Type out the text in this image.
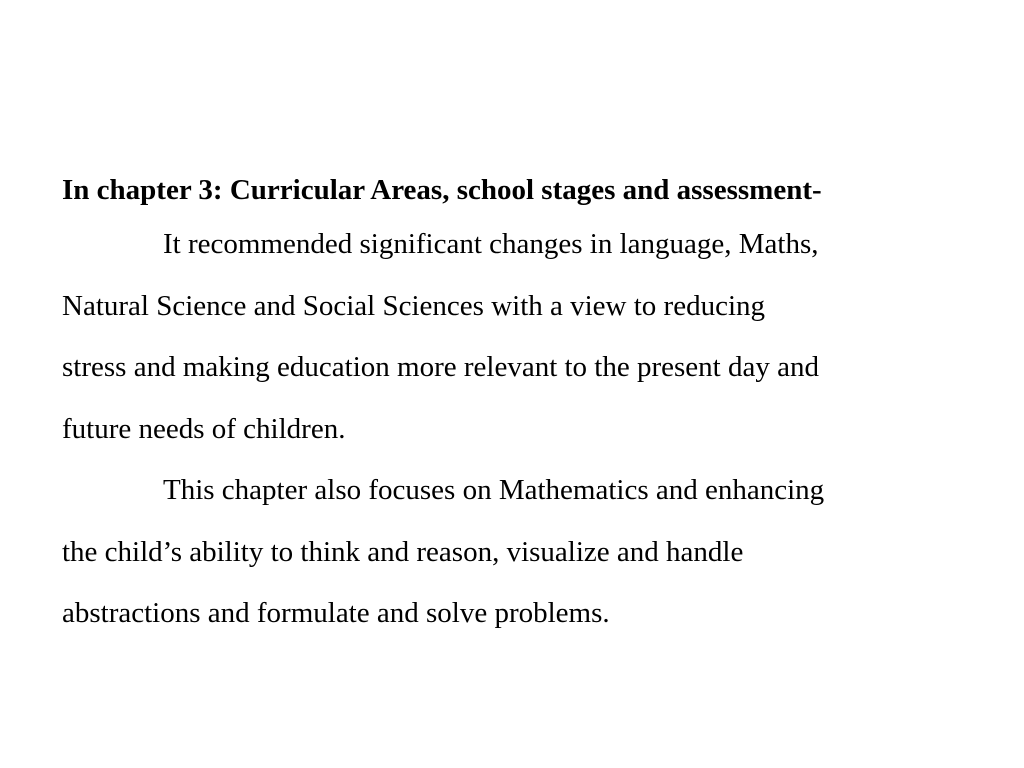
In chapter 3: Curricular Areas, school stages and assessment-

It recommended significant changes in language, Maths,
Natural Science and Social Sciences with a view to reducing
stress and making education more relevant to the present day and
future needs of children.
This chapter also focuses on Mathematics and enhancing
the child’s ability to think and reason, visualize and handle
abstractions and formulate and solve problems.
